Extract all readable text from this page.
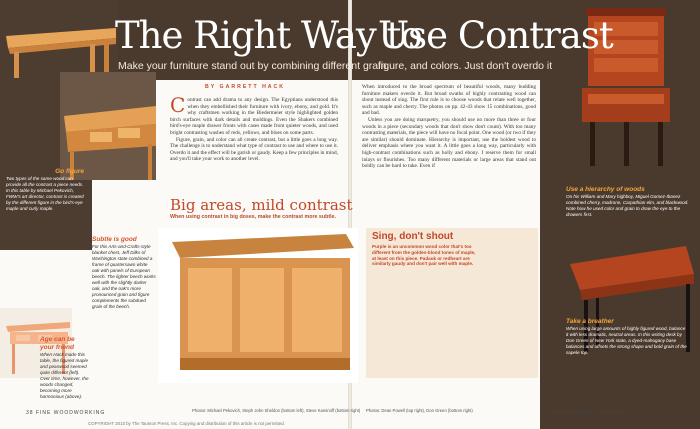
The Right Way to
Use Contrast
Make your furniture stand out by combining different grain,
figure, and colors. Just don't overdo it
BY GARRETT HACK

Contrast can add drama to any design. The Egyptians understood this when they embellished their furniture with ivory, ebony, and gold. It's why craftsmen working in the Biedermeier style highlighted golden birch surfaces with dark details and moldings. Even the Shakers combined bird's-eye maple drawer fronts with cases made from quieter woods, and used bright contrasting washes of reds, yellows, and blues on some parts.

Figure, grain, and color can all create contrast, but a little goes a long way. The challenge is to understand what type of contrast to use and where to use it. Overdo it and the effect will be garish or gaudy. Keep a few principles in mind, and you'll take your work to another level.

When introduced to the broad spectrum of beautiful woods, many budding furniture makers overdo it. But broad swaths of highly contrasting wood can shout instead of sing. The first rule is to choose woods that relate well together, such as maple and cherry. The photos on pp. 42-43 show 15 combinations, good and bad.

Unless you are doing marquetry, you should use no more than three or four woods in a piece (secondary woods that don't show don't count). With too many contrasting materials, the piece will have no focal point. One wood (or two if they are similar) should dominate. Hierarchy is important, use the boldest wood to deliver emphasis where you want it. A little goes a long way, particularly with high-contrast combinations such as holly and ebony. I reserve them for small inlays or flourishes. Too many different materials or large areas that stand out boldly can be hard to take. Even if

Big areas, mild contrast
When using contrast in big doses, make the contrast more subtle.
Sing, don't shout
Purple is an uncommon wood color that's too different from the golden-blond tones of maple, at least on this piece. Padauk or redheart are similarly gaudy and don't pair well with maple.
Go figure
Two types of the same wood can provide all the contrast a piece needs. In this table by Michael Pekovich, FWW's art director, contrast is created by the different figure in the bird's-eye maple and curly maple.
Subtle is good
For this Arts-and-Crafts-style blanket chest, Jeff Dilks of Washington state combined a frame of quartersawn white oak with panels of European beech. The lighter beech works well with the slightly darker oak, and the oak's more pronounced grain and figure complements the subdued grain of the beech.
Age can be your friend
When Hack made this table, the figured maple and pearwood seemed quite different (left). Over time, however, the woods changed, becoming more harmonious (above).
Use a hierarchy of woods
On his William and Mary highboy, Miguel Gomez-Ibanez combined cherry, madrone, Carpathian elm, and blackwood. Note how he used color and grain to draw the eye to the drawers first.
Take a breather
When using large amounts of highly figured wood, balance it with less dramatic, neutral areas. In this writing desk by Don Green of New York state, a dyed-mahogany base balances and offsets the strong shape and bold grain of the sapele top.
38 FINE WOODWORKING	MARCH/APRIL 2010 39
Photos: Michael Pekovich, Steph John Sheldon (bottom left), Steve Kaminoff (bottom right) Photos: Dean Powell (top right), Don Green (bottom right)
COPYRIGHT 2010 by The Taunton Press, Inc. Copying and distribution of this article is not permitted.
